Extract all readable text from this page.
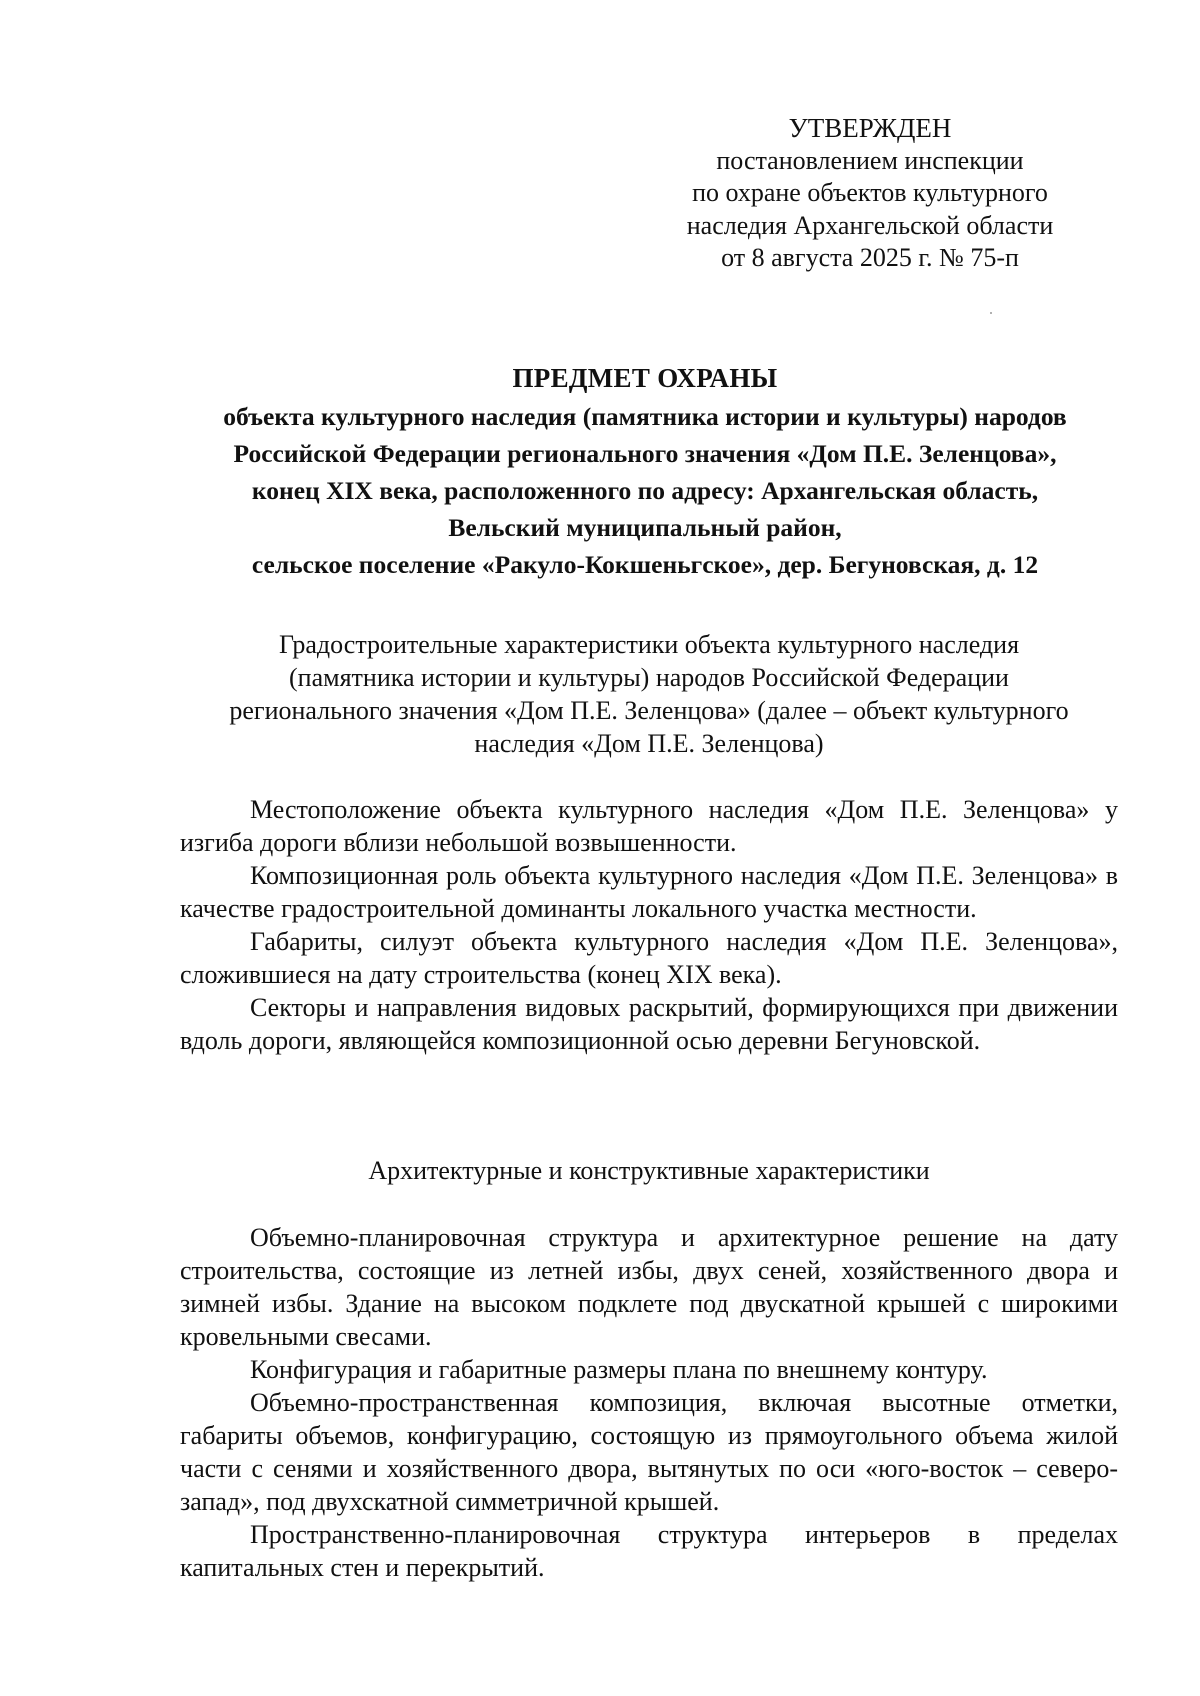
УТВЕРЖДЕН
постановлением инспекции
по охране объектов культурного
наследия Архангельской области
от 8 августа 2025 г. № 75-п
ПРЕДМЕТ ОХРАНЫ
объекта культурного наследия (памятника истории и культуры) народов
Российской Федерации регионального значения «Дом П.Е. Зеленцова»,
конец XIX века, расположенного по адресу: Архангельская область,
Вельский муниципальный район,
сельское поселение «Ракуло-Кокшеньгское», дер. Бегуновская, д. 12
Градостроительные характеристики объекта культурного наследия
(памятника истории и культуры) народов Российской Федерации
регионального значения «Дом П.Е. Зеленцова» (далее – объект культурного
наследия «Дом П.Е. Зеленцова)

Местоположение объекта культурного наследия «Дом П.Е. Зеленцова» у изгиба дороги вблизи небольшой возвышенности.

Композиционная роль объекта культурного наследия «Дом П.Е. Зеленцова» в качестве градостроительной доминанты локального участка местности.

Габариты, силуэт объекта культурного наследия «Дом П.Е. Зеленцова», сложившиеся на дату строительства (конец XIX века).

Секторы и направления видовых раскрытий, формирующихся при движении вдоль дороги, являющейся композиционной осью деревни Бегуновской.

Архитектурные и конструктивные характеристики

Объемно-планировочная структура и архитектурное решение на дату строительства, состоящие из летней избы, двух сеней, хозяйственного двора и зимней избы. Здание на высоком подклете под двускатной крышей с широкими кровельными свесами.

Конфигурация и габаритные размеры плана по внешнему контуру.

Объемно-пространственная композиция, включая высотные отметки, габариты объемов, конфигурацию, состоящую из прямоугольного объема жилой части с сенями и хозяйственного двора, вытянутых по оси «юго-восток – северо-запад», под двухскатной симметричной крышей.

Пространственно-планировочная структура интерьеров в пределах капитальных стен и перекрытий.
